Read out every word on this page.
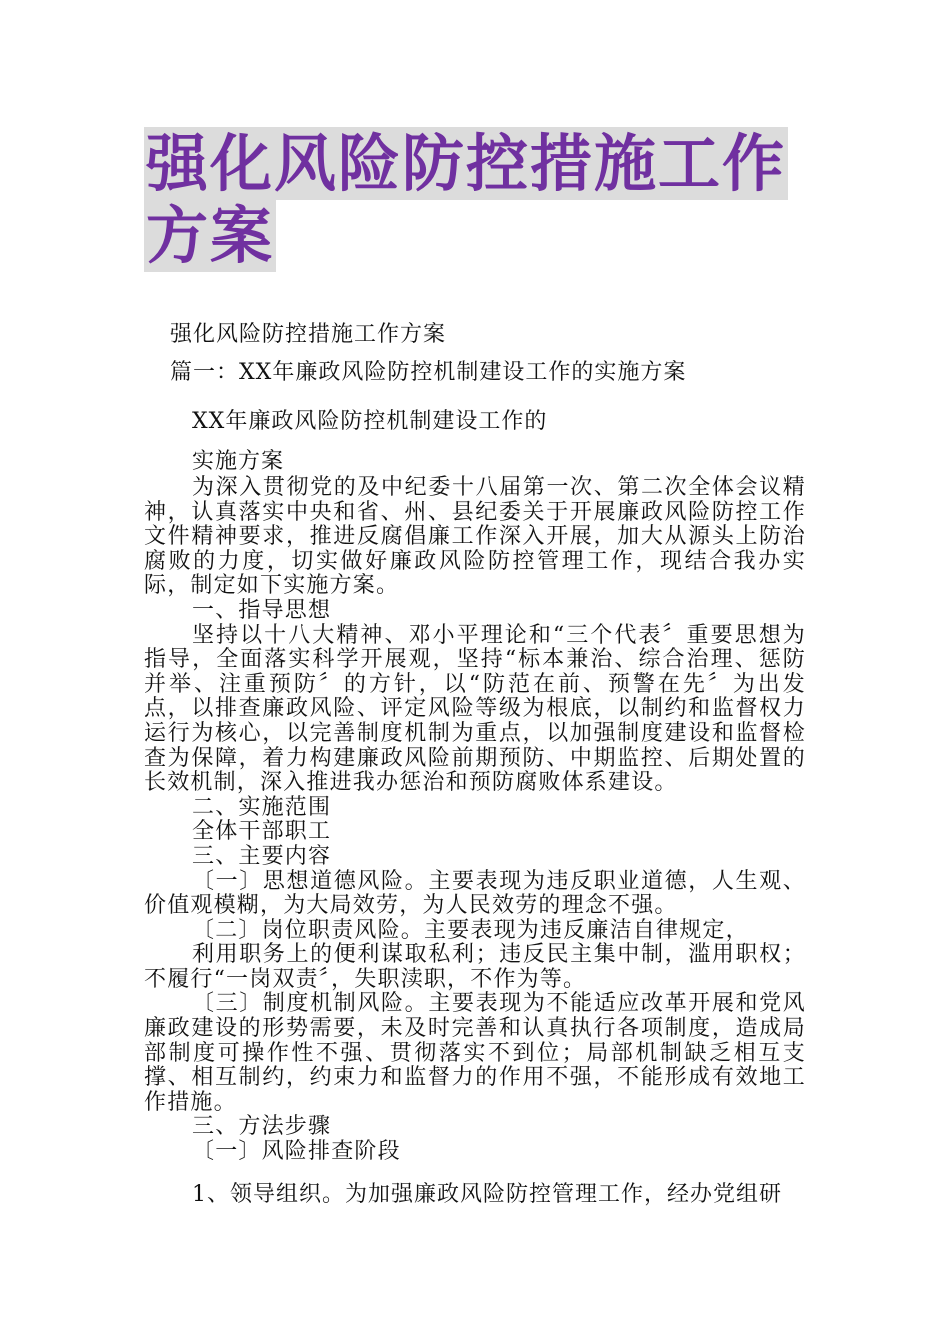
强化风险防控措施工作方案
强化风险防控措施工作方案
篇一：XX年廉政风险防控机制建设工作的实施方案
XX年廉政风险防控机制建设工作的
实施方案

为深入贯彻党的及中纪委十八届第一次、第二次全体会议精神，认真落实中央和省、州、县纪委关于开展廉政风险防控工作文件精神要求，推进反腐倡廉工作深入开展，加大从源头上防治腐败的力度，切实做好廉政风险防控管理工作，现结合我办实际，制定如下实施方案。

一、指导思想

坚持以十八大精神、邓小平理论和“三个代表〞重要思想为指导，全面落实科学开展观，坚持“标本兼治、综合治理、惩防并举、注重预防〞的方针，以“防范在前、预警在先〞为出发点，以排查廉政风险、评定风险等级为根底，以制约和监督权力运行为核心，以完善制度机制为重点，以加强制度建设和监督检查为保障，着力构建廉政风险前期预防、中期监控、后期处置的长效机制，深入推进我办惩治和预防腐败体系建设。

二、实施范围

全体干部职工

三、主要内容

〔一〕思想道德风险。主要表现为违反职业道德，人生观、价值观模糊，为大局效劳，为人民效劳的理念不强。

〔二〕岗位职责风险。主要表现为违反廉洁自律规定，

利用职务上的便利谋取私利；违反民主集中制，滥用职权；不履行“一岗双责〞，失职渎职，不作为等。

〔三〕制度机制风险。主要表现为不能适应改革开展和党风廉政建设的形势需要，未及时完善和认真执行各项制度，造成局部制度可操作性不强、贯彻落实不到位；局部机制缺乏相互支撑、相互制约，约束力和监督力的作用不强，不能形成有效地工作措施。

三、方法步骤

〔一〕风险排查阶段

1、领导组织。为加强廉政风险防控管理工作，经办党组研
